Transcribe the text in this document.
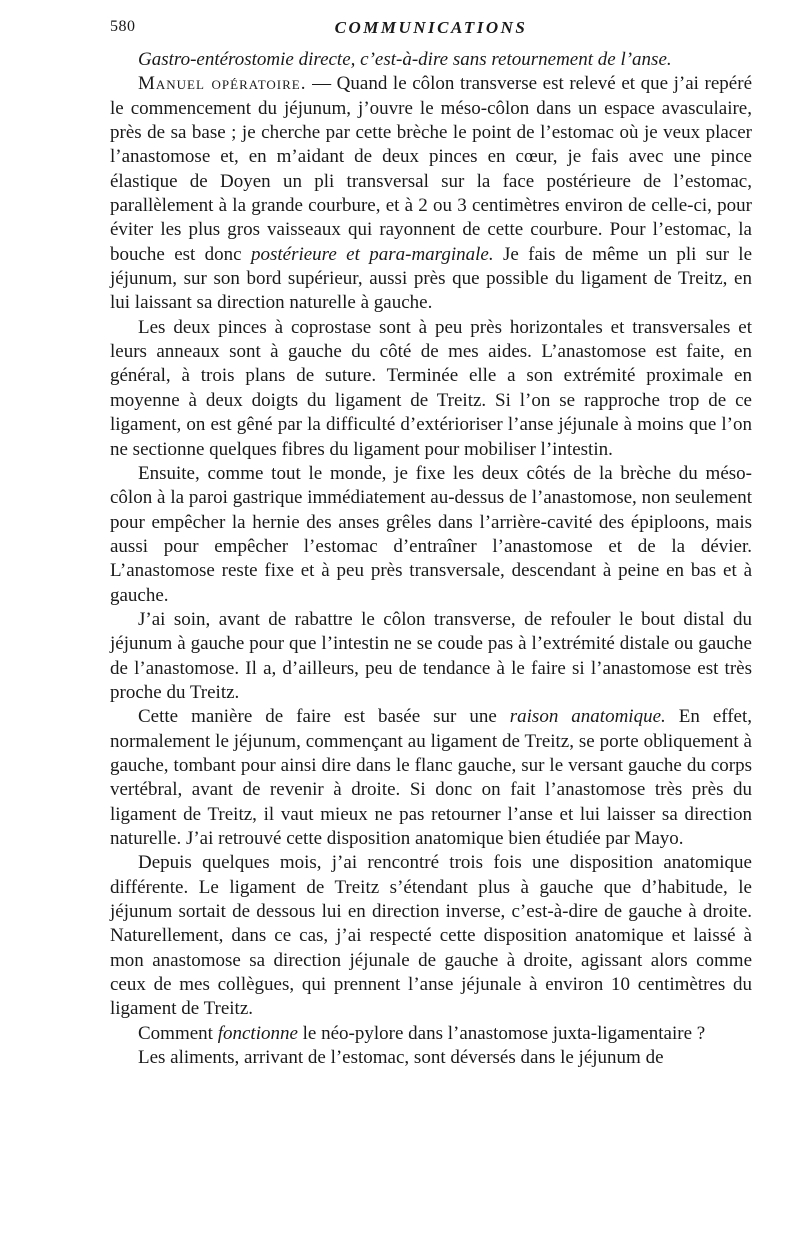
580	COMMUNICATIONS

Gastro-entérostomie directe, c’est-à-dire sans retournement de l’anse.

Manuel opératoire. — Quand le côlon transverse est relevé et que j’ai repéré le commencement du jéjunum, j’ouvre le méso-côlon dans un espace avasculaire, près de sa base ; je cherche par cette brèche le point de l’estomac où je veux placer l’anastomose et, en m’aidant de deux pinces en cœur, je fais avec une pince élastique de Doyen un pli transversal sur la face postérieure de l’estomac, parallèlement à la grande courbure, et à 2 ou 3 centimètres environ de celle-ci, pour éviter les plus gros vaisseaux qui rayonnent de cette courbure. Pour l’estomac, la bouche est donc postérieure et para-marginale. Je fais de même un pli sur le jéjunum, sur son bord supérieur, aussi près que possible du ligament de Treitz, en lui laissant sa direction naturelle à gauche.

Les deux pinces à coprostase sont à peu près horizontales et transversales et leurs anneaux sont à gauche du côté de mes aides. L’anastomose est faite, en général, à trois plans de suture. Terminée elle a son extrémité proximale en moyenne à deux doigts du ligament de Treitz. Si l’on se rapproche trop de ce ligament, on est gêné par la difficulté d’extérioriser l’anse jéjunale à moins que l’on ne sectionne quelques fibres du ligament pour mobiliser l’intestin.

Ensuite, comme tout le monde, je fixe les deux côtés de la brèche du méso-côlon à la paroi gastrique immédiatement au-dessus de l’anastomose, non seulement pour empêcher la hernie des anses grêles dans l’arrière-cavité des épiploons, mais aussi pour empêcher l’estomac d’entraîner l’anastomose et de la dévier. L’anastomose reste fixe et à peu près transversale, descendant à peine en bas et à gauche.

J’ai soin, avant de rabattre le côlon transverse, de refouler le bout distal du jéjunum à gauche pour que l’intestin ne se coude pas à l’extrémité distale ou gauche de l’anastomose. Il a, d’ailleurs, peu de tendance à le faire si l’anastomose est très proche du Treitz.

Cette manière de faire est basée sur une raison anatomique. En effet, normalement le jéjunum, commençant au ligament de Treitz, se porte obliquement à gauche, tombant pour ainsi dire dans le flanc gauche, sur le versant gauche du corps vertébral, avant de revenir à droite. Si donc on fait l’anastomose très près du ligament de Treitz, il vaut mieux ne pas retourner l’anse et lui laisser sa direction naturelle. J’ai retrouvé cette disposition anatomique bien étudiée par Mayo.

Depuis quelques mois, j’ai rencontré trois fois une disposition anatomique différente. Le ligament de Treitz s’étendant plus à gauche que d’habitude, le jéjunum sortait de dessous lui en direction inverse, c’est-à-dire de gauche à droite. Naturellement, dans ce cas, j’ai respecté cette disposition anatomique et laissé à mon anastomose sa direction jéjunale de gauche à droite, agissant alors comme ceux de mes collègues, qui prennent l’anse jéjunale à environ 10 centimètres du ligament de Treitz.

Comment fonctionne le néo-pylore dans l’anastomose juxta-ligamentaire ?

Les aliments, arrivant de l’estomac, sont déversés dans le jéjunum de
